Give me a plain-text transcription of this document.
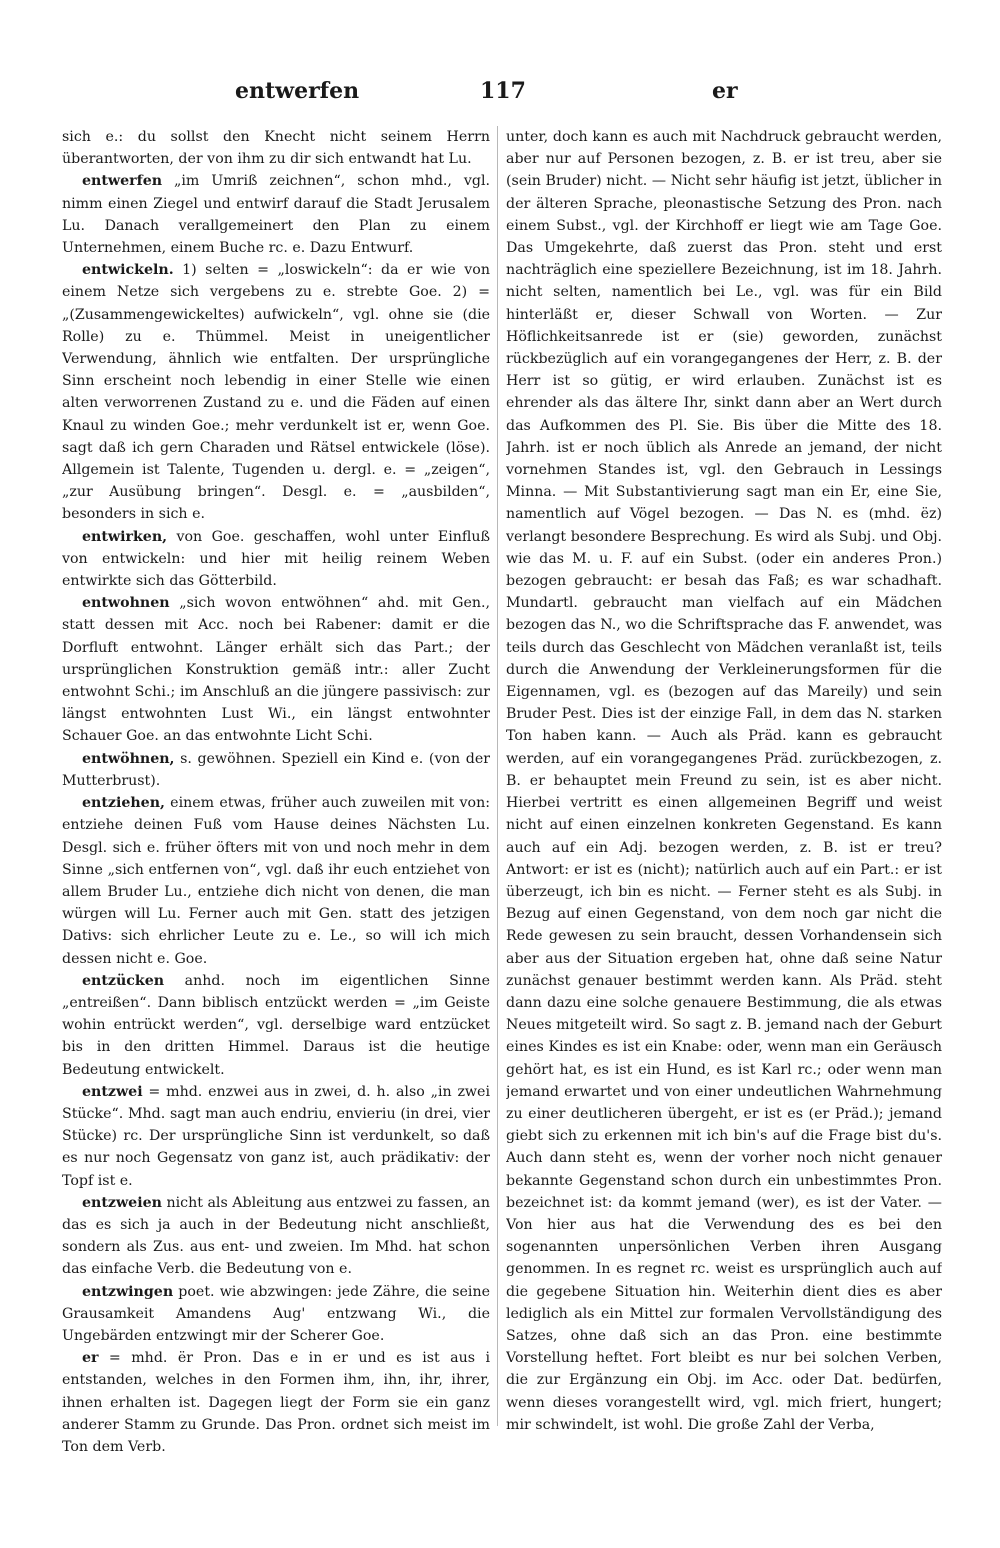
entwerfen	117	er

sich e.: du sollst den Knecht nicht seinem Herrn überantworten, der von ihm zu dir sich entwandt hat Lu.

entwerfen „im Umriß zeichnen“, schon mhd., vgl. nimm einen Ziegel und entwirf darauf die Stadt Jerusalem Lu. Danach verallgemeinert den Plan zu einem Unternehmen, einem Buche rc. e. Dazu Entwurf.

entwickeln. 1) selten = „loswickeln“: da er wie von einem Netze sich vergebens zu e. strebte Goe. 2) = „(Zusammengewickeltes) aufwickeln“, vgl. ohne sie (die Rolle) zu e. Thümmel. Meist in uneigentlicher Verwendung, ähnlich wie entfalten. Der ursprüngliche Sinn erscheint noch lebendig in einer Stelle wie einen alten verworrenen Zustand zu e. und die Fäden auf einen Knaul zu winden Goe.; mehr verdunkelt ist er, wenn Goe. sagt daß ich gern Charaden und Rätsel entwickele (löse). Allgemein ist Talente, Tugenden u. dergl. e. = „zeigen“, „zur Ausübung bringen“. Desgl. e. = „ausbilden“, besonders in sich e.

entwirken, von Goe. geschaffen, wohl unter Einfluß von entwickeln: und hier mit heilig reinem Weben entwirkte sich das Götterbild.

entwohnen „sich wovon entwöhnen“ ahd. mit Gen., statt dessen mit Acc. noch bei Rabener: damit er die Dorfluft entwohnt. Länger erhält sich das Part.; der ursprünglichen Konstruktion gemäß intr.: aller Zucht entwohnt Schi.; im Anschluß an die jüngere passivisch: zur längst entwohnten Lust Wi., ein längst entwohnter Schauer Goe. an das entwohnte Licht Schi.

entwöhnen, s. gewöhnen. Speziell ein Kind e. (von der Mutterbrust).

entziehen, einem etwas, früher auch zuweilen mit von: entziehe deinen Fuß vom Hause deines Nächsten Lu. Desgl. sich e. früher öfters mit von und noch mehr in dem Sinne „sich entfernen von“, vgl. daß ihr euch entziehet von allem Bruder Lu., entziehe dich nicht von denen, die man würgen will Lu. Ferner auch mit Gen. statt des jetzigen Dativs: sich ehrlicher Leute zu e. Le., so will ich mich dessen nicht e. Goe.

entzücken anhd. noch im eigentlichen Sinne „entreißen“. Dann biblisch entzückt werden = „im Geiste wohin entrückt werden“, vgl. derselbige ward entzücket bis in den dritten Himmel. Daraus ist die heutige Bedeutung entwickelt.

entzwei = mhd. enzwei aus in zwei, d. h. also „in zwei Stücke“. Mhd. sagt man auch endriu, envieriu (in drei, vier Stücke) rc. Der ursprüngliche Sinn ist verdunkelt, so daß es nur noch Gegensatz von ganz ist, auch prädikativ: der Topf ist e.

entzweien nicht als Ableitung aus entzwei zu fassen, an das es sich ja auch in der Bedeutung nicht anschließt, sondern als Zus. aus ent- und zweien. Im Mhd. hat schon das einfache Verb. die Bedeutung von e.

entzwingen poet. wie abzwingen: jede Zähre, die seine Grausamkeit Amandens Aug' entzwang Wi., die Ungebärden entzwingt mir der Scherer Goe.

er = mhd. ër Pron. Das e in er und es ist aus i entstanden, welches in den Formen ihm, ihn, ihr, ihrer, ihnen erhalten ist. Dagegen liegt der Form sie ein ganz anderer Stamm zu Grunde. Das Pron. ordnet sich meist im Ton dem Verb.

unter, doch kann es auch mit Nachdruck gebraucht werden, aber nur auf Personen bezogen, z. B. er ist treu, aber sie (sein Bruder) nicht. — Nicht sehr häufig ist jetzt, üblicher in der älteren Sprache, pleonastische Setzung des Pron. nach einem Subst., vgl. der Kirchhoff er liegt wie am Tage Goe. Das Umgekehrte, daß zuerst das Pron. steht und erst nachträglich eine speziellere Bezeichnung, ist im 18. Jahrh. nicht selten, namentlich bei Le., vgl. was für ein Bild hinterläßt er, dieser Schwall von Worten. — Zur Höflichkeitsanrede ist er (sie) geworden, zunächst rückbezüglich auf ein vorangegangenes der Herr, z. B. der Herr ist so gütig, er wird erlauben. Zunächst ist es ehrender als das ältere Ihr, sinkt dann aber an Wert durch das Aufkommen des Pl. Sie. Bis über die Mitte des 18. Jahrh. ist er noch üblich als Anrede an jemand, der nicht vornehmen Standes ist, vgl. den Gebrauch in Lessings Minna. — Mit Substantivierung sagt man ein Er, eine Sie, namentlich auf Vögel bezogen. — Das N. es (mhd. ëz) verlangt besondere Besprechung. Es wird als Subj. und Obj. wie das M. u. F. auf ein Subst. (oder ein anderes Pron.) bezogen gebraucht: er besah das Faß; es war schadhaft. Mundartl. gebraucht man vielfach auf ein Mädchen bezogen das N., wo die Schriftsprache das F. anwendet, was teils durch das Geschlecht von Mädchen veranlaßt ist, teils durch die Anwendung der Verkleinerungsformen für die Eigennamen, vgl. es (bezogen auf das Mareily) und sein Bruder Pest. Dies ist der einzige Fall, in dem das N. starken Ton haben kann. — Auch als Präd. kann es gebraucht werden, auf ein vorangegangenes Präd. zurückbezogen, z. B. er behauptet mein Freund zu sein, ist es aber nicht. Hierbei vertritt es einen allgemeinen Begriff und weist nicht auf einen einzelnen konkreten Gegenstand. Es kann auch auf ein Adj. bezogen werden, z. B. ist er treu? Antwort: er ist es (nicht); natürlich auch auf ein Part.: er ist überzeugt, ich bin es nicht. — Ferner steht es als Subj. in Bezug auf einen Gegenstand, von dem noch gar nicht die Rede gewesen zu sein braucht, dessen Vorhandensein sich aber aus der Situation ergeben hat, ohne daß seine Natur zunächst genauer bestimmt werden kann. Als Präd. steht dann dazu eine solche genauere Bestimmung, die als etwas Neues mitgeteilt wird. So sagt z. B. jemand nach der Geburt eines Kindes es ist ein Knabe: oder, wenn man ein Geräusch gehört hat, es ist ein Hund, es ist Karl rc.; oder wenn man jemand erwartet und von einer undeutlichen Wahrnehmung zu einer deutlicheren übergeht, er ist es (er Präd.); jemand giebt sich zu erkennen mit ich bin's auf die Frage bist du's. Auch dann steht es, wenn der vorher noch nicht genauer bekannte Gegenstand schon durch ein unbestimmtes Pron. bezeichnet ist: da kommt jemand (wer), es ist der Vater. — Von hier aus hat die Verwendung des es bei den sogenannten unpersönlichen Verben ihren Ausgang genommen. In es regnet rc. weist es ursprünglich auch auf die gegebene Situation hin. Weiterhin dient dies es aber lediglich als ein Mittel zur formalen Vervollständigung des Satzes, ohne daß sich an das Pron. eine bestimmte Vorstellung heftet. Fort bleibt es nur bei solchen Verben, die zur Ergänzung ein Obj. im Acc. oder Dat. bedürfen, wenn dieses vorangestellt wird, vgl. mich friert, hungert; mir schwindelt, ist wohl. Die große Zahl der Verba,
